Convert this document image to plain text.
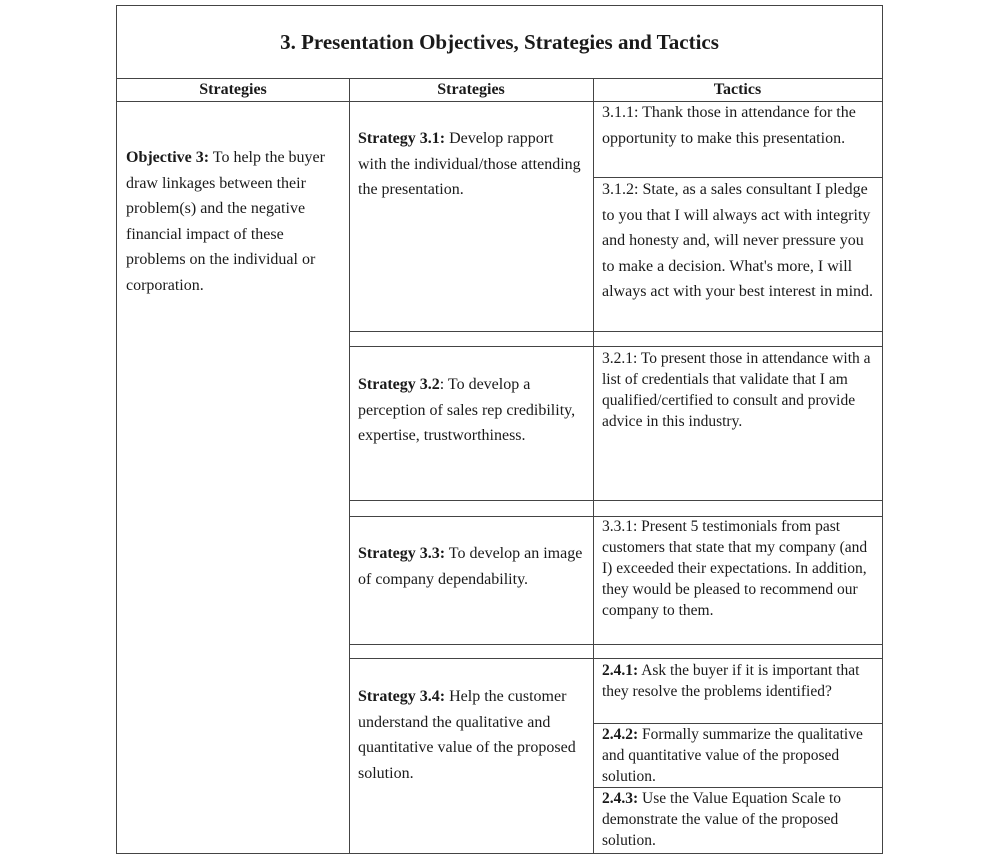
3. Presentation Objectives, Strategies and Tactics
Strategies	Strategies	Tactics
Objective 3: To help the buyer draw linkages between their problem(s) and the negative financial impact of these problems on the individual or corporation.
Strategy 3.1: Develop rapport with the individual/those attending the presentation.
Strategy 3.2: To develop a perception of sales rep credibility, expertise, trustworthiness.
Strategy 3.3: To develop an image of company dependability.
Strategy 3.4: Help the customer understand the qualitative and quantitative value of the proposed solution.
3.1.1: Thank those in attendance for the opportunity to make this presentation.
3.1.2: State, as a sales consultant I pledge to you that I will always act with integrity and honesty and, will never pressure you to make a decision. What's more, I will always act with your best interest in mind.
3.2.1: To present those in attendance with a list of credentials that validate that I am qualified/certified to consult and provide advice in this industry.
3.3.1: Present 5 testimonials from past customers that state that my company (and I) exceeded their expectations. In addition, they would be pleased to recommend our company to them.
2.4.1: Ask the buyer if it is important that they resolve the problems identified?
2.4.2: Formally summarize the qualitative and quantitative value of the proposed solution.
2.4.3: Use the Value Equation Scale to demonstrate the value of the proposed solution.
